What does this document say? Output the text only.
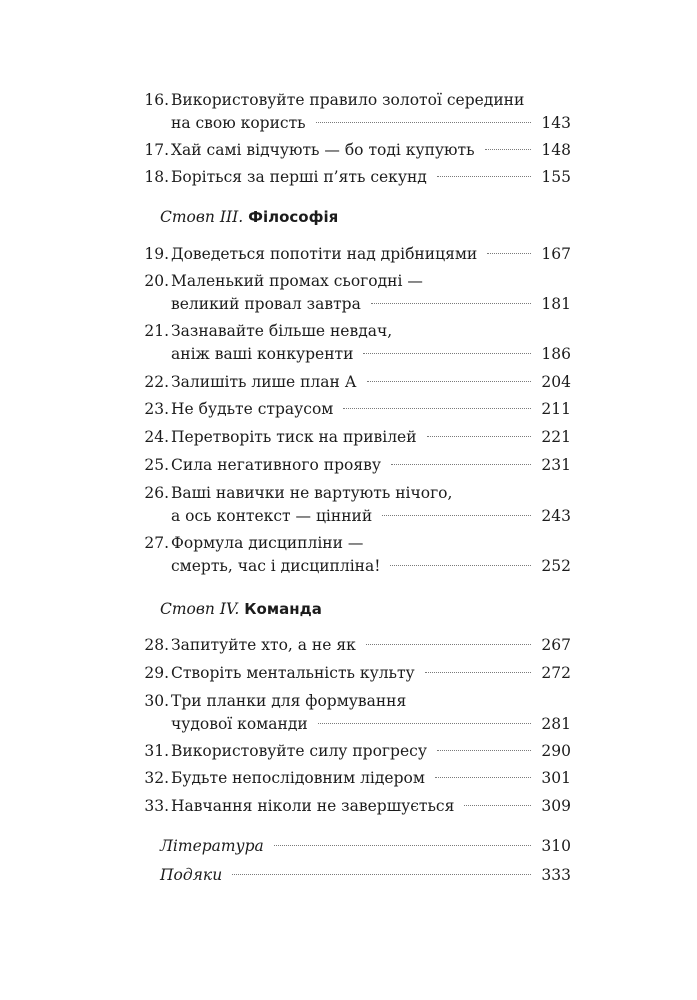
16. Використовуйте правило золотої середини
на свою користь	143
17. Хай самі відчують — бо тоді купують	148
18. Боріться за перші п’ять секунд	155
Стовп III. Філософія
19. Доведеться попотіти над дрібницями	167
20. Маленький промах сьогодні —
великий провал завтра	181
21. Зазнавайте більше невдач,
аніж ваші конкуренти	186
22. Залишіть лише план А	204
23. Не будьте страусом	211
24. Перетворіть тиск на привілей	221
25. Сила негативного прояву	231
26. Ваші навички не вартують нічого,
а ось контекст — цінний	243
27. Формула дисципліни —
смерть, час і дисципліна!	252
Стовп IV. Команда
28. Запитуйте хто, а не як	267
29. Створіть ментальність культу	272
30. Три планки для формування
чудової команди	281
31. Використовуйте силу прогресу	290
32. Будьте непослідовним лідером	301
33. Навчання ніколи не завершується	309
Література	310
Подяки	333
